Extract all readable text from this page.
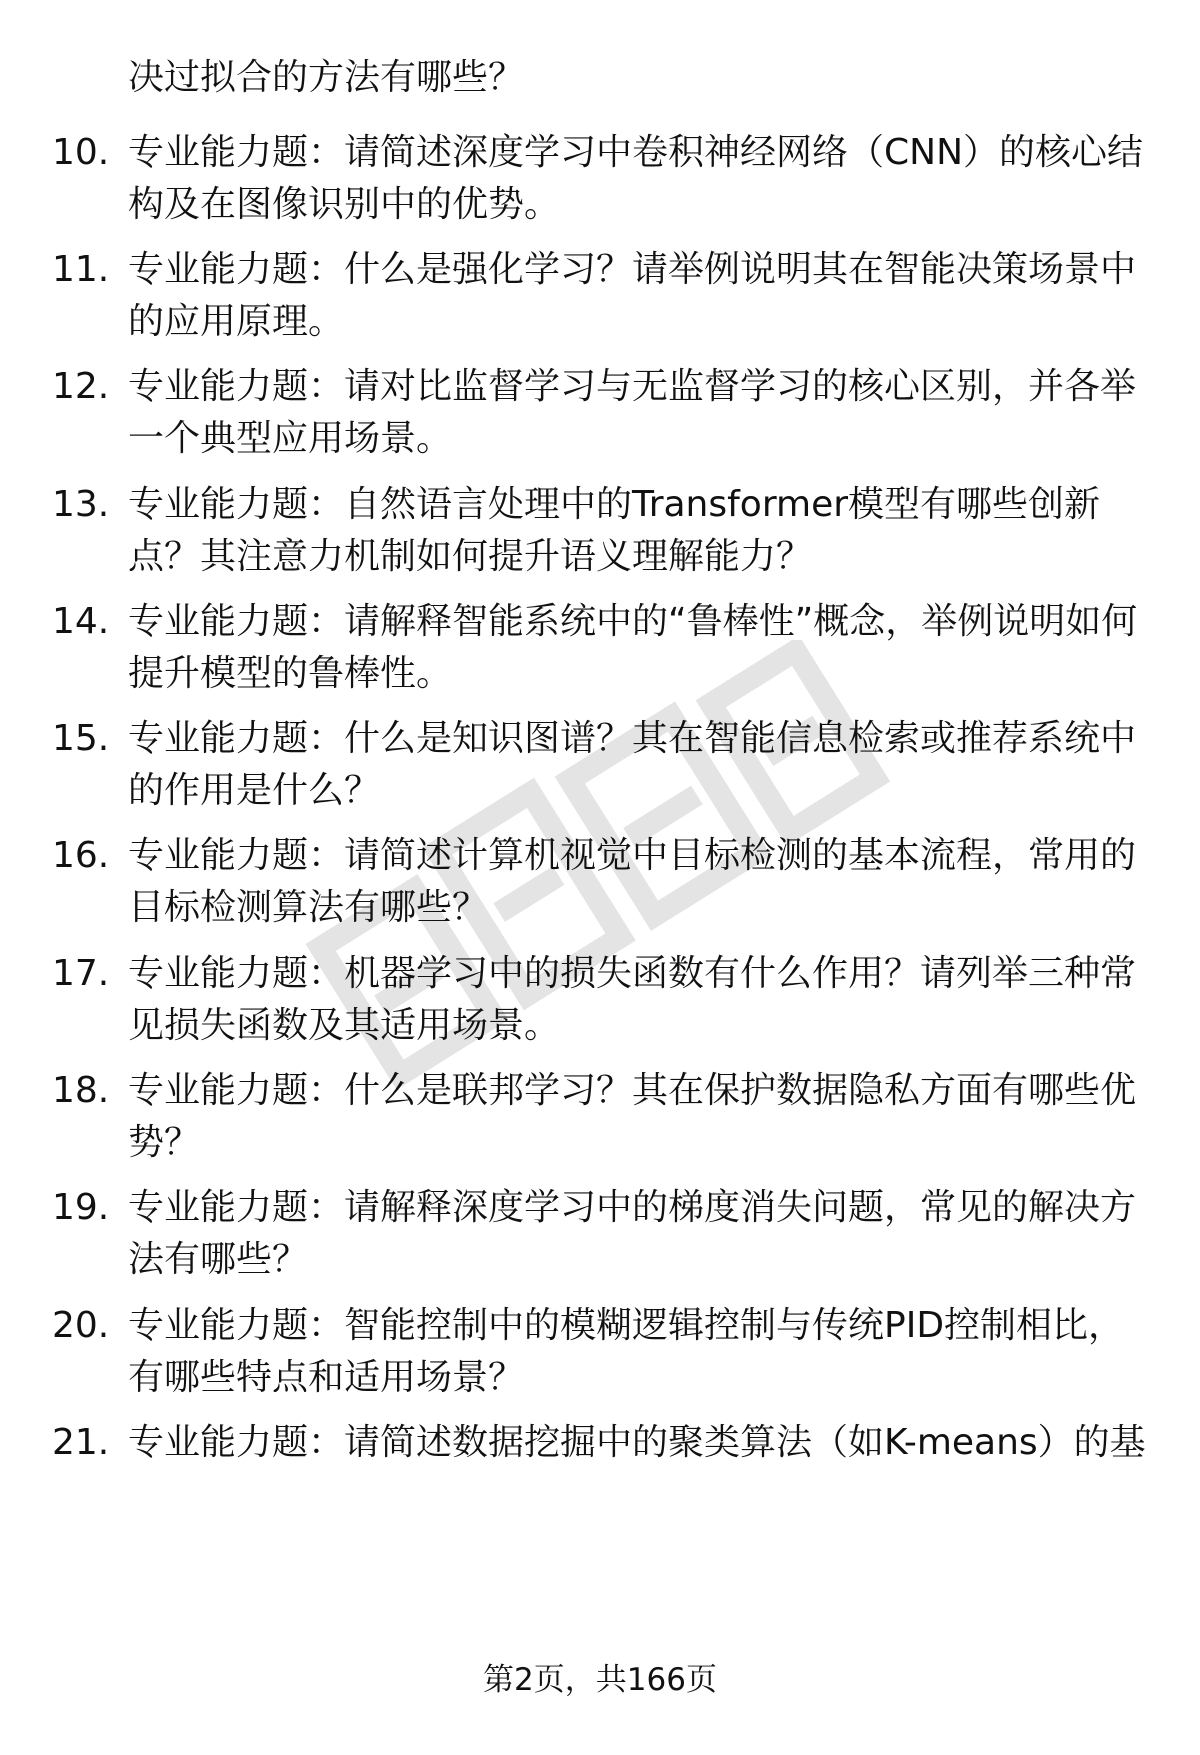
决过拟合的方法有哪些？
10. 专业能力题：请简述深度学习中卷积神经网络（CNN）的核心结构及在图像识别中的优势。
11. 专业能力题：什么是强化学习？请举例说明其在智能决策场景中的应用原理。
12. 专业能力题：请对比监督学习与无监督学习的核心区别，并各举一个典型应用场景。
13. 专业能力题：自然语言处理中的Transformer模型有哪些创新点？其注意力机制如何提升语义理解能力？
14. 专业能力题：请解释智能系统中的“鲁棒性”概念，举例说明如何提升模型的鲁棒性。
15. 专业能力题：什么是知识图谱？其在智能信息检索或推荐系统中的作用是什么？
16. 专业能力题：请简述计算机视觉中目标检测的基本流程，常用的目标检测算法有哪些？
17. 专业能力题：机器学习中的损失函数有什么作用？请列举三种常见损失函数及其适用场景。
18. 专业能力题：什么是联邦学习？其在保护数据隐私方面有哪些优势？
19. 专业能力题：请解释深度学习中的梯度消失问题，常见的解决方法有哪些？
20. 专业能力题：智能控制中的模糊逻辑控制与传统PID控制相比，有哪些特点和适用场景？
21. 专业能力题：请简述数据挖掘中的聚类算法（如K-means）的基
第2页，共166页
